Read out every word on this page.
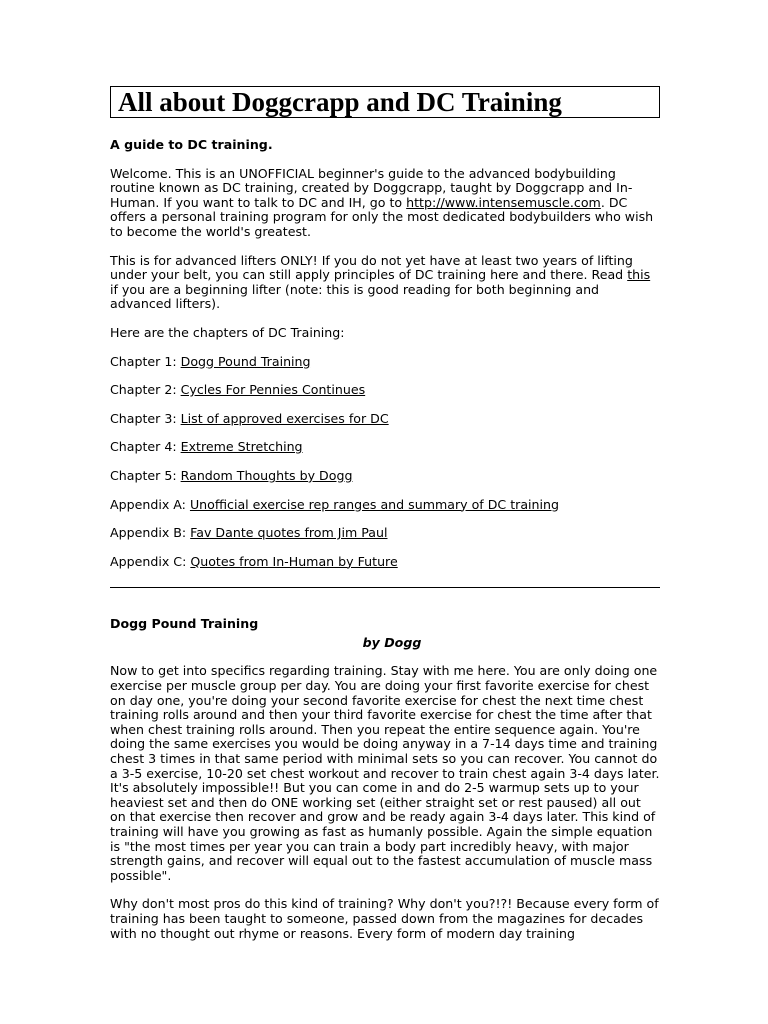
All about Doggcrapp and DC Training

A guide to DC training.

Welcome. This is an UNOFFICIAL beginner's guide to the advanced bodybuilding routine known as DC training, created by Doggcrapp, taught by Doggcrapp and In-Human. If you want to talk to DC and IH, go to http://www.intensemuscle.com. DC offers a personal training program for only the most dedicated bodybuilders who wish to become the world's greatest.

This is for advanced lifters ONLY! If you do not yet have at least two years of lifting under your belt, you can still apply principles of DC training here and there. Read this if you are a beginning lifter (note: this is good reading for both beginning and advanced lifters).

Here are the chapters of DC Training:

Chapter 1: Dogg Pound Training

Chapter 2: Cycles For Pennies Continues

Chapter 3: List of approved exercises for DC

Chapter 4: Extreme Stretching

Chapter 5: Random Thoughts by Dogg

Appendix A: Unofficial exercise rep ranges and summary of DC training

Appendix B: Fav Dante quotes from Jim Paul

Appendix C: Quotes from In-Human by Future

Dogg Pound Training

by Dogg

Now to get into specifics regarding training. Stay with me here. You are only doing one exercise per muscle group per day. You are doing your first favorite exercise for chest on day one, you're doing your second favorite exercise for chest the next time chest training rolls around and then your third favorite exercise for chest the time after that when chest training rolls around. Then you repeat the entire sequence again. You're doing the same exercises you would be doing anyway in a 7-14 days time and training chest 3 times in that same period with minimal sets so you can recover. You cannot do a 3-5 exercise, 10-20 set chest workout and recover to train chest again 3-4 days later. It's absolutely impossible!! But you can come in and do 2-5 warmup sets up to your heaviest set and then do ONE working set (either straight set or rest paused) all out on that exercise then recover and grow and be ready again 3-4 days later. This kind of training will have you growing as fast as humanly possible. Again the simple equation is "the most times per year you can train a body part incredibly heavy, with major strength gains, and recover will equal out to the fastest accumulation of muscle mass possible".

Why don't most pros do this kind of training? Why don't you?!?! Because every form of training has been taught to someone, passed down from the magazines for decades with no thought out rhyme or reasons. Every form of modern day training
